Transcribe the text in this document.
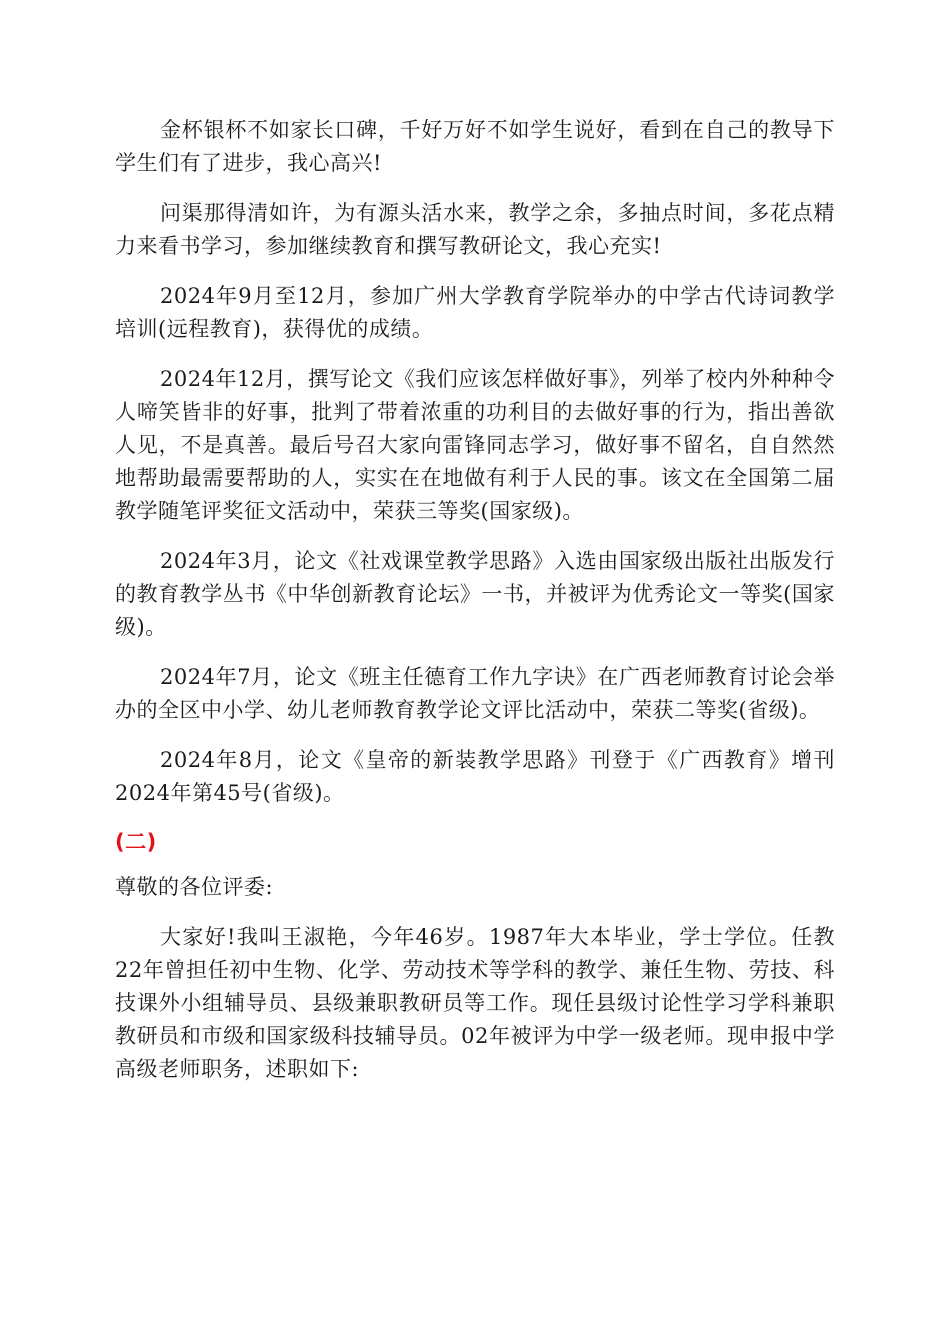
金杯银杯不如家长口碑，千好万好不如学生说好，看到在自己的教导下学生们有了进步，我心高兴!

问渠那得清如许，为有源头活水来，教学之余，多抽点时间，多花点精力来看书学习，参加继续教育和撰写教研论文，我心充实!

2024年9月至12月，参加广州大学教育学院举办的中学古代诗词教学培训(远程教育)，获得优的成绩。

2024年12月，撰写论文《我们应该怎样做好事》，列举了校内外种种令人啼笑皆非的好事，批判了带着浓重的功利目的去做好事的行为，指出善欲人见，不是真善。最后号召大家向雷锋同志学习，做好事不留名，自自然然地帮助最需要帮助的人，实实在在地做有利于人民的事。该文在全国第二届教学随笔评奖征文活动中，荣获三等奖(国家级)。

2024年3月，论文《社戏课堂教学思路》入选由国家级出版社出版发行的教育教学丛书《中华创新教育论坛》一书，并被评为优秀论文一等奖(国家级)。

2024年7月，论文《班主任德育工作九字诀》在广西老师教育讨论会举办的全区中小学、幼儿老师教育教学论文评比活动中，荣获二等奖(省级)。

2024年8月，论文《皇帝的新装教学思路》刊登于《广西教育》增刊2024年第45号(省级)。

(二)

尊敬的各位评委:

大家好!我叫王淑艳，今年46岁。1987年大本毕业，学士学位。任教22年曾担任初中生物、化学、劳动技术等学科的教学、兼任生物、劳技、科技课外小组辅导员、县级兼职教研员等工作。现任县级讨论性学习学科兼职教研员和市级和国家级科技辅导员。02年被评为中学一级老师。现申报中学高级老师职务，述职如下:
